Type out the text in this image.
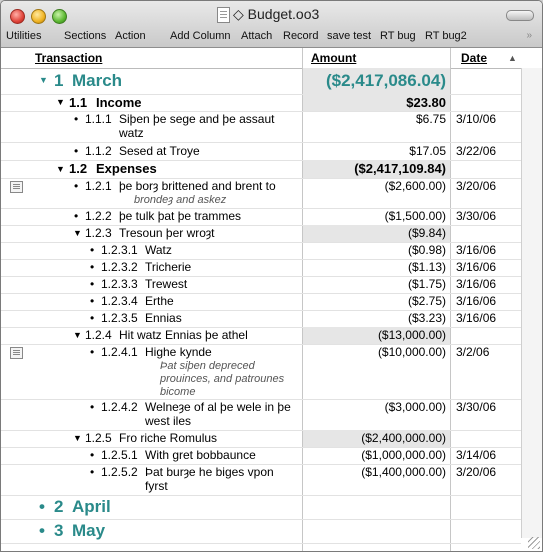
◇ Budget.oo3
Utilities Sections Action Add Column Attach Record save test RT bug RT bug2	»
Transaction	Amount	Date ▲
▼ 1 March	($2,417,086.04)
▼ 1.1 Income	$23.80
• 1.1.1 Siþen þe sege and þe assaut watz
$6.75 3/10/06
• 1.1.2 Sesed at Troye	$17.05 3/22/06
▼ 1.2 Expenses	($2,417,109.84)
• 1.2.1 þe borȝ brittened and brent to
brondeȝ and askez
($2,600.00) 3/20/06
• 1.2.2 þe tulk þat þe trammes	($1,500.00) 3/30/06
▼ 1.2.3 Tresoun þer wroȝt	($9.84)
• 1.2.3.1 Watz	($0.98) 3/16/06
• 1.2.3.2 Tricherie	($1.13) 3/16/06
• 1.2.3.3 Trewest	($1.75) 3/16/06
• 1.2.3.4 Erthe	($2.75) 3/16/06
• 1.2.3.5 Ennias	($3.23) 3/16/06
▼ 1.2.4 Hit watz Ennias þe athel	($13,000.00)
• 1.2.4.1 Highe kynde
Þat siþen depreced prouinces, and patrounes bicome
($10,000.00) 3/2/06
• 1.2.4.2 Welneȝe of al þe wele in þe west iles
($3,000.00) 3/30/06
▼ 1.2.5 Fro riche Romulus	($2,400,000.00)
• 1.2.5.1 With gret bobbaunce	($1,000,000.00) 3/14/06
• 1.2.5.2 Þat burȝe he biges vpon fyrst
($1,400,000.00) 3/20/06
• 2 April
• 3 May
